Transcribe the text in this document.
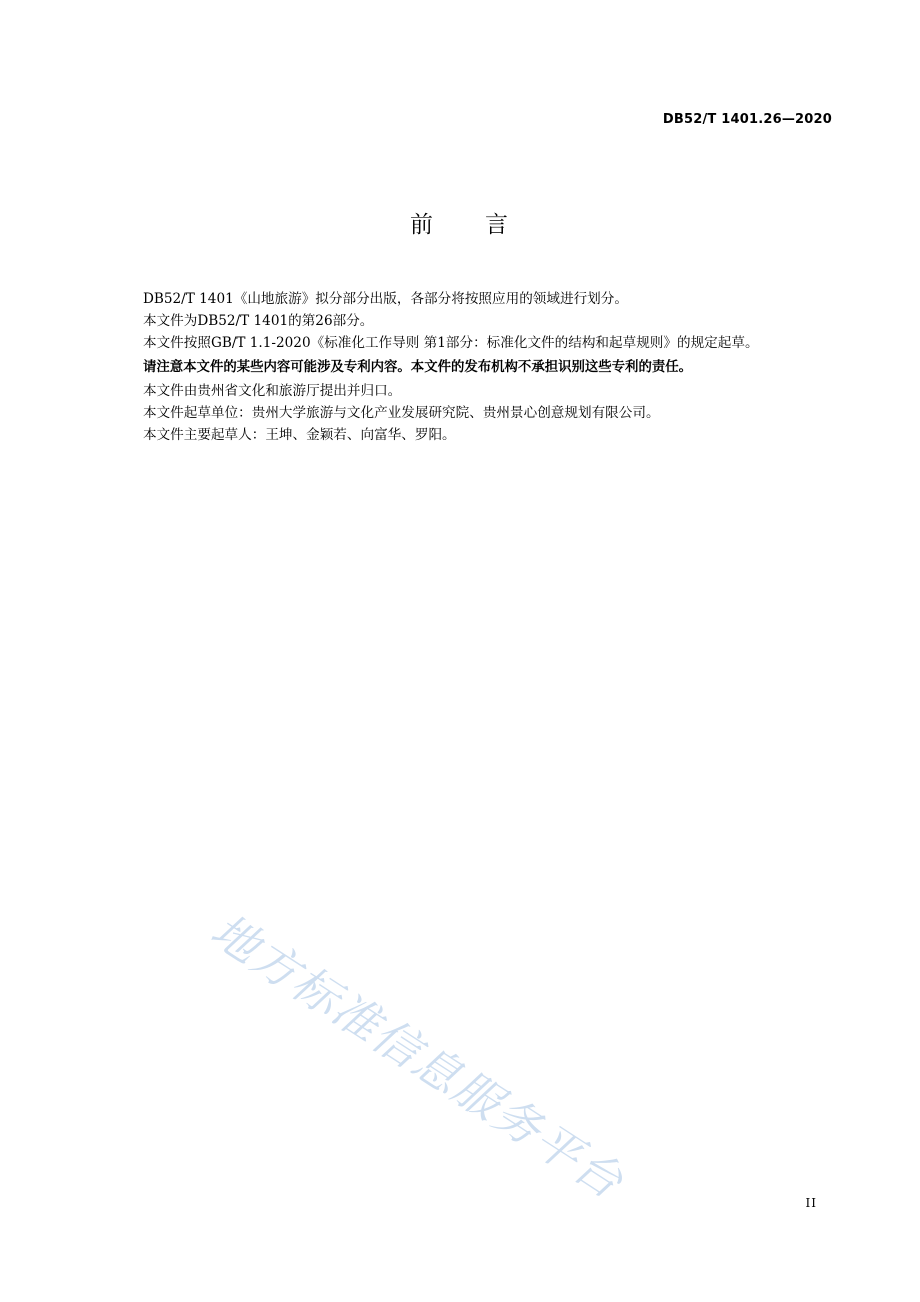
DB52/T 1401.26—2020
前 言

DB52/T 1401《山地旅游》拟分部分出版，各部分将按照应用的领域进行划分。

本文件为DB52/T 1401的第26部分。

本文件按照GB/T 1.1-2020《标准化工作导则 第1部分：标准化文件的结构和起草规则》的规定起草。

请注意本文件的某些内容可能涉及专利内容。本文件的发布机构不承担识别这些专利的责任。

本文件由贵州省文化和旅游厅提出并归口。

本文件起草单位：贵州大学旅游与文化产业发展研究院、贵州景心创意规划有限公司。

本文件主要起草人：王坤、金颖若、向富华、罗阳。

地方标准信息服务平台	II
